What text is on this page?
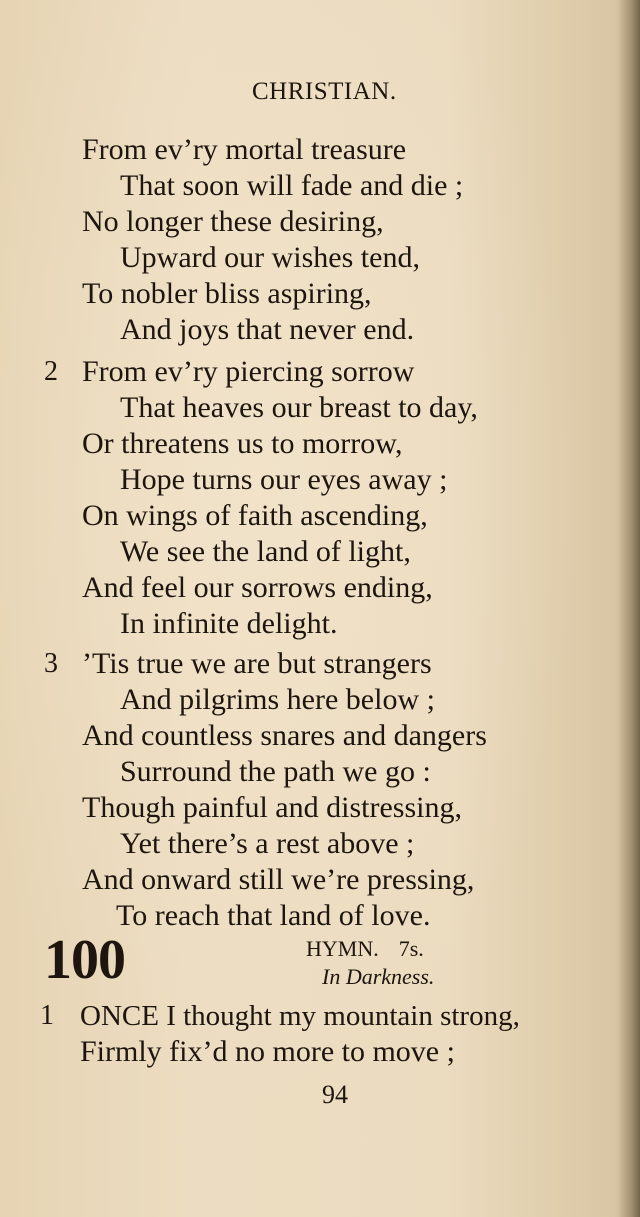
CHRISTIAN.
From ev’ry mortal treasure
That soon will fade and die ;
No longer these desiring,
Upward our wishes tend,
To nobler bliss aspiring,
And joys that never end.
2 From ev’ry piercing sorrow
That heaves our breast to day,
Or threatens us to morrow,
Hope turns our eyes away ;
On wings of faith ascending,
We see the land of light,
And feel our sorrows ending,
In infinite delight.
3 ’Tis true we are but strangers
And pilgrims here below ;
And countless snares and dangers
Surround the path we go :
Though painful and distressing,
Yet there’s a rest above ;
And onward still we’re pressing,
To reach that land of love.
100	HYMN. 7s.
In Darkness.
1 ONCE I thought my mountain strong,
Firmly fix’d no more to move ;
94
